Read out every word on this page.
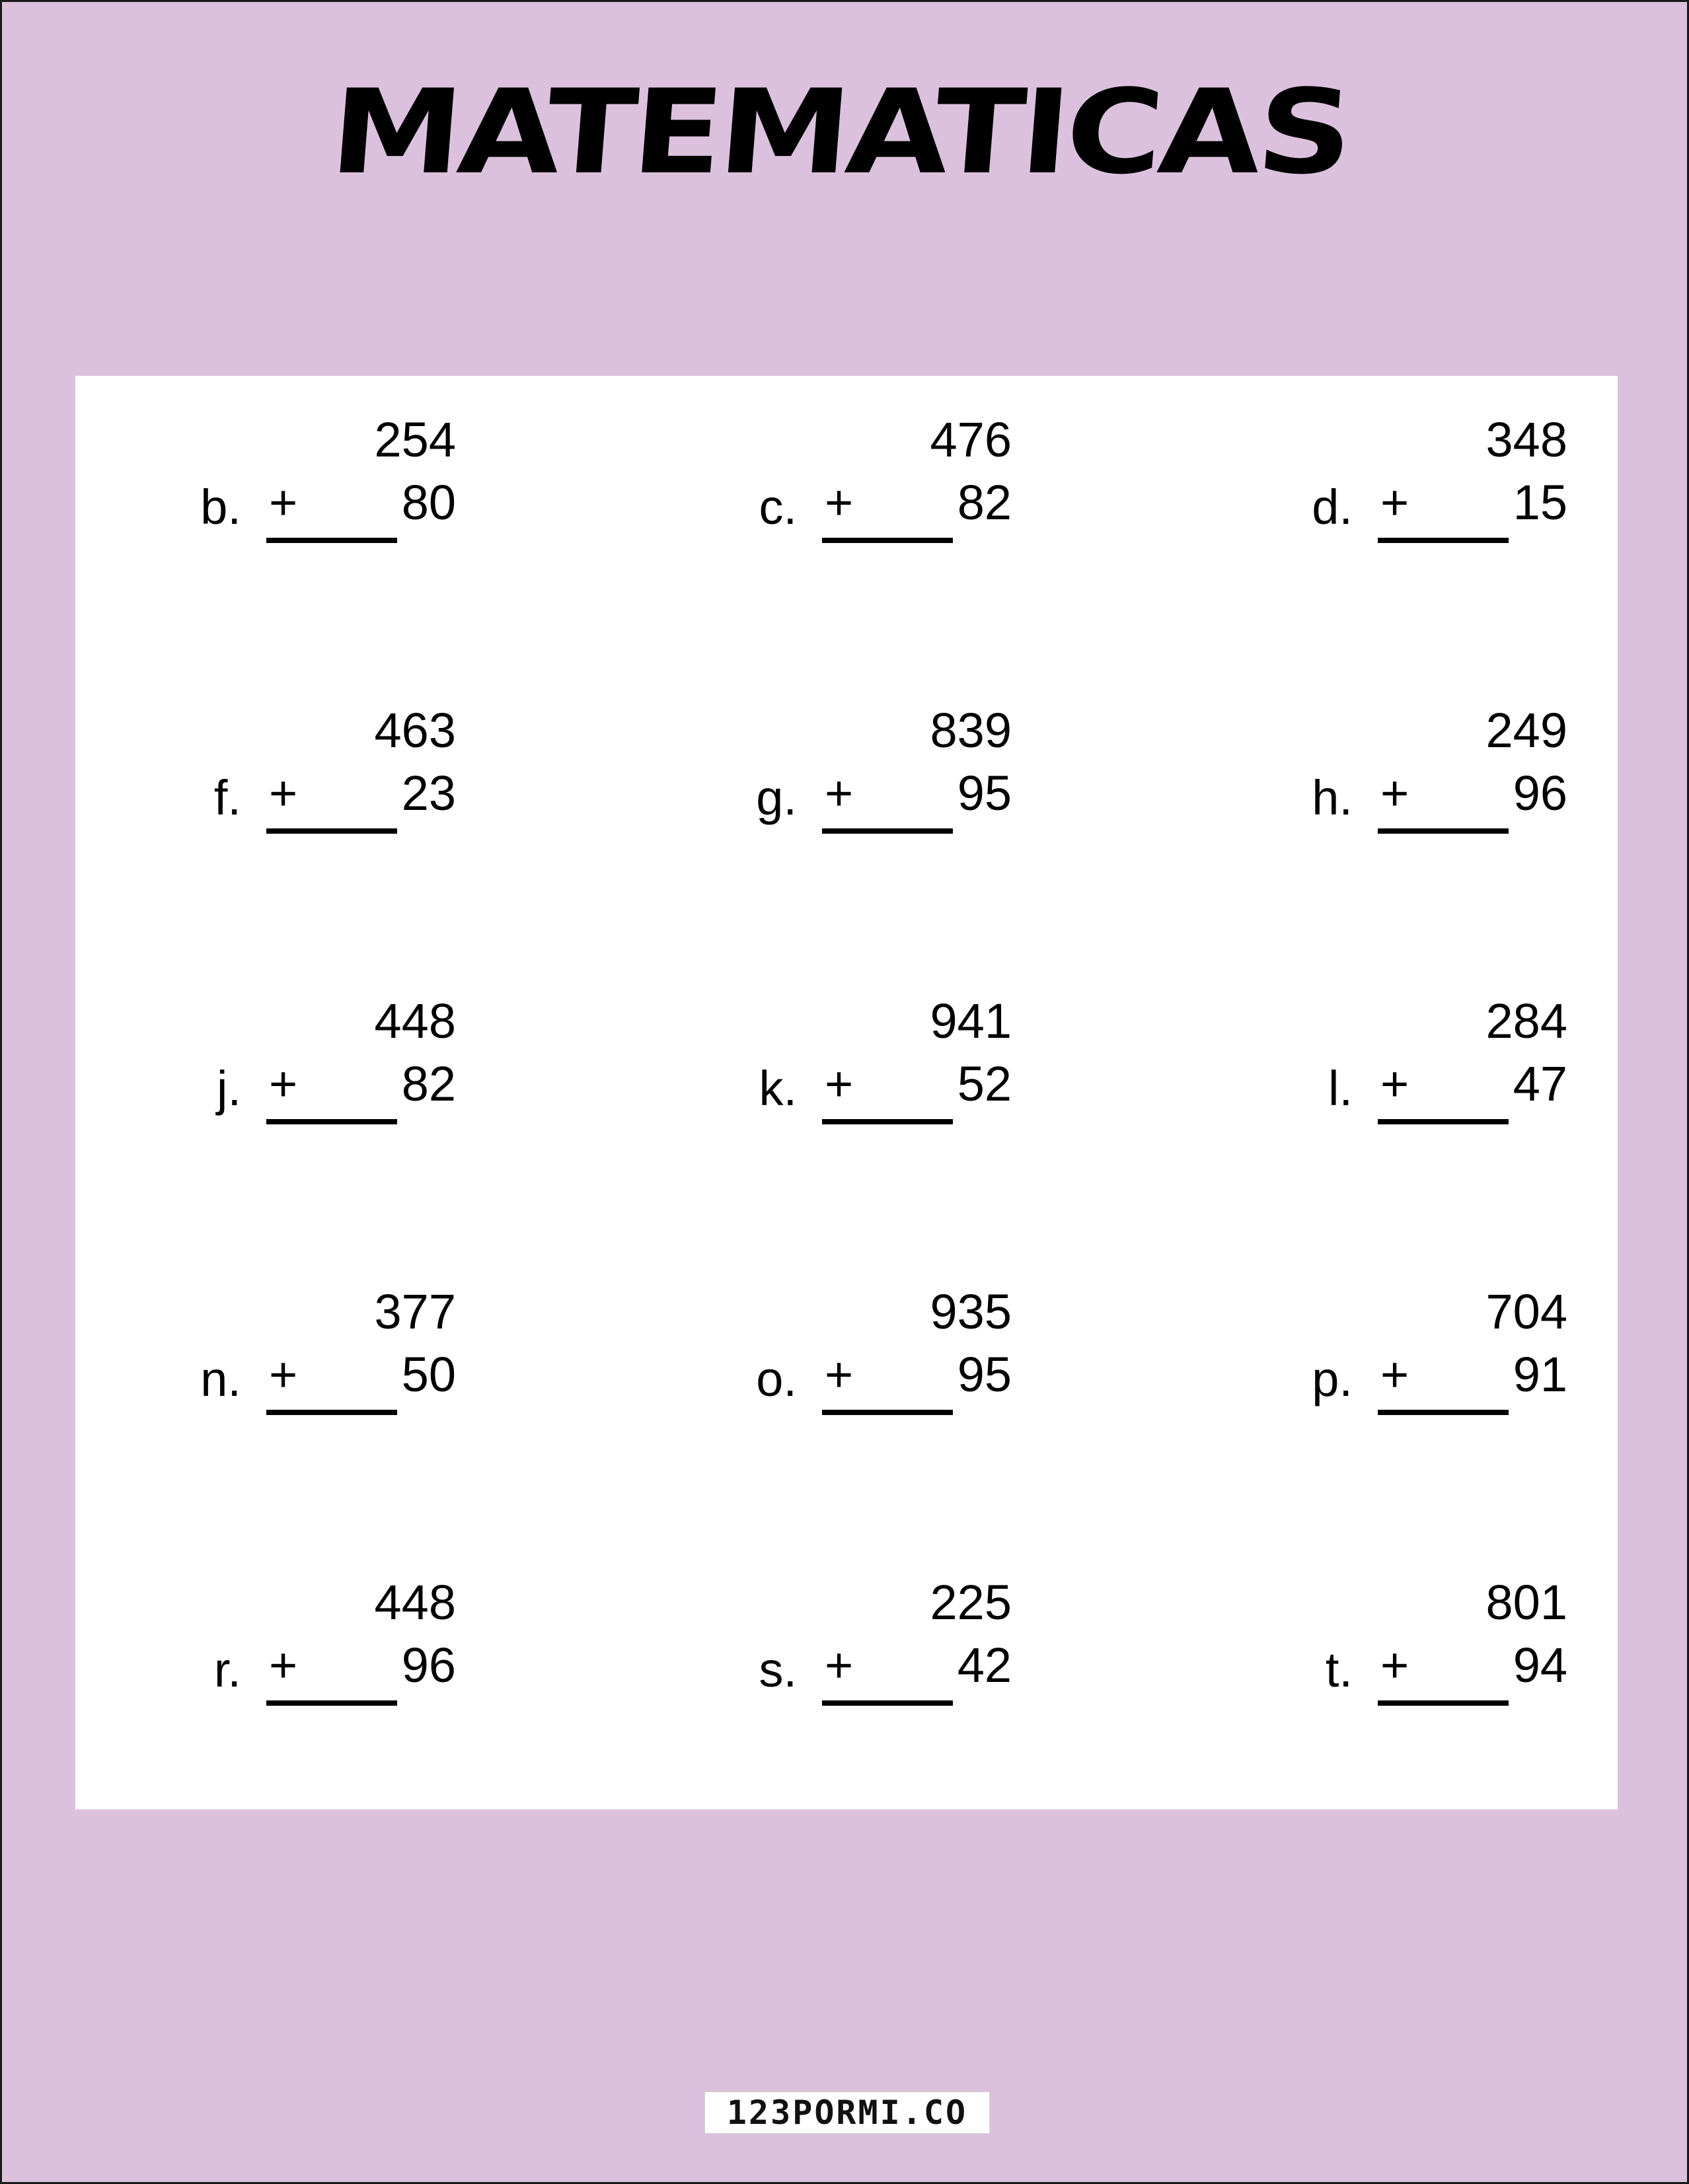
MATEMATICAS
b.
254
+ 80	c.
476
+ 82	d.
348
+ 15
f.
463
+ 23	g.
839
+ 95	h.
249
+ 96
j.
448
+ 82	k.
941
+ 52	l.
284
+ 47
n.
377
+ 50	o.
935
+ 95	p.
704
+ 91
r.
448
+ 96	s.
225
+ 42	t.
801
+ 94
123PORMI.CO
